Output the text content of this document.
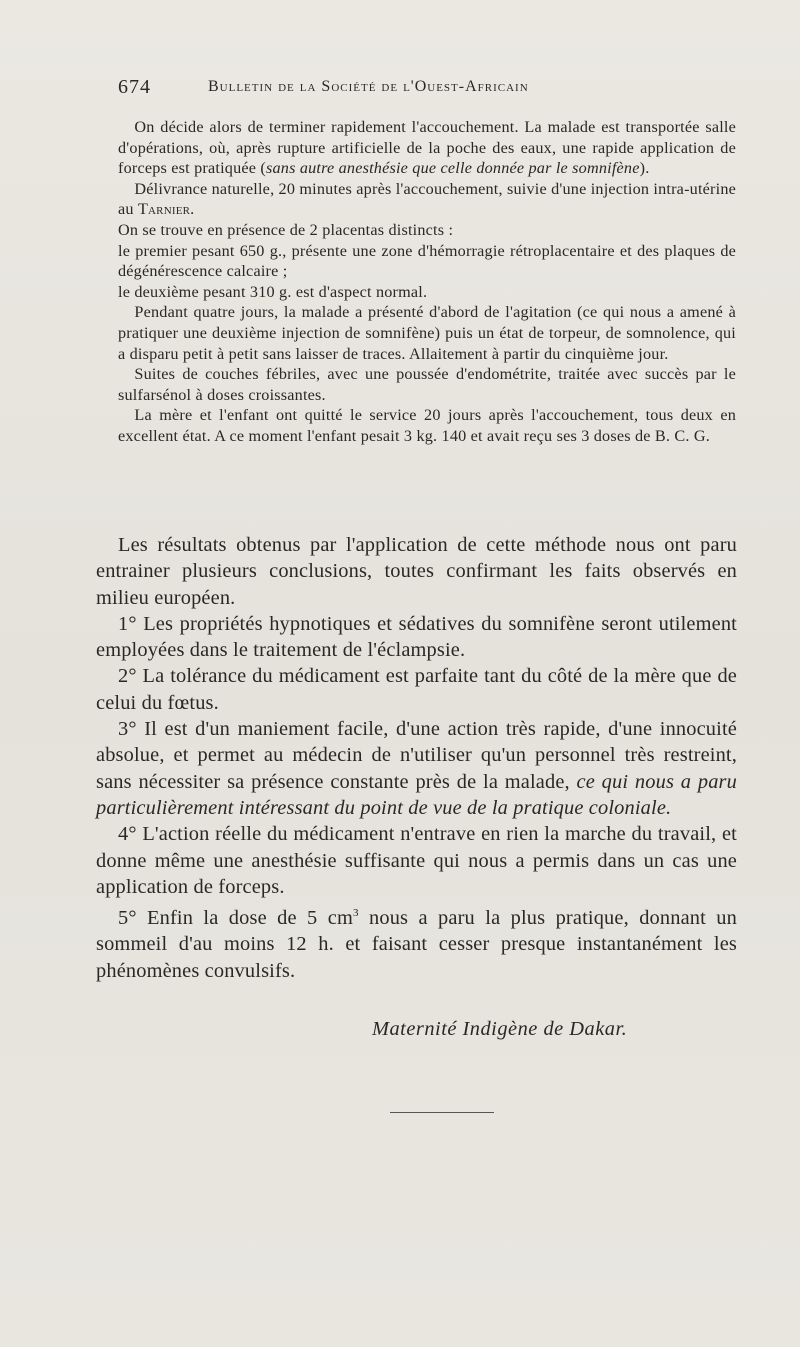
674	Bulletin de la Société de l'Ouest-Africain

 On décide alors de terminer rapidement l'accouchement. La malade est transportée salle d'opérations, où, après rupture artificielle de la poche des eaux, une rapide application de forceps est pratiquée (sans autre anesthésie que celle donnée par le somnifène).

 Délivrance naturelle, 20 minutes après l'accouchement, suivie d'une injection intra-utérine au Tarnier.

On se trouve en présence de 2 placentas distincts :

le premier pesant 650 g., présente une zone d'hémorragie rétroplacentaire et des plaques de dégénérescence calcaire ;

le deuxième pesant 310 g. est d'aspect normal.

 Pendant quatre jours, la malade a présenté d'abord de l'agitation (ce qui nous a amené à pratiquer une deuxième injection de somnifène) puis un état de torpeur, de somnolence, qui a disparu petit à petit sans laisser de traces. Allaitement à partir du cinquième jour.

 Suites de couches fébriles, avec une poussée d'endométrite, traitée avec succès par le sulfarsénol à doses croissantes.

 La mère et l'enfant ont quitté le service 20 jours après l'accouchement, tous deux en excellent état. A ce moment l'enfant pesait 3 kg. 140 et avait reçu ses 3 doses de B. C. G.

Les résultats obtenus par l'application de cette méthode nous ont paru entrainer plusieurs conclusions, toutes confirmant les faits observés en milieu européen.

1° Les propriétés hypnotiques et sédatives du somnifène seront utilement employées dans le traitement de l'éclampsie.

2° La tolérance du médicament est parfaite tant du côté de la mère que de celui du fœtus.

3° Il est d'un maniement facile, d'une action très rapide, d'une innocuité absolue, et permet au médecin de n'utiliser qu'un personnel très restreint, sans nécessiter sa présence constante près de la malade, ce qui nous a paru particulièrement intéressant du point de vue de la pratique coloniale.

4° L'action réelle du médicament n'entrave en rien la marche du travail, et donne même une anesthésie suffisante qui nous a permis dans un cas une application de forceps.

5° Enfin la dose de 5 $cm^3$ nous a paru la plus pratique, donnant un sommeil d'au moins 12 h. et faisant cesser presque instantanément les phénomènes convulsifs.

Maternité Indigène de Dakar.
